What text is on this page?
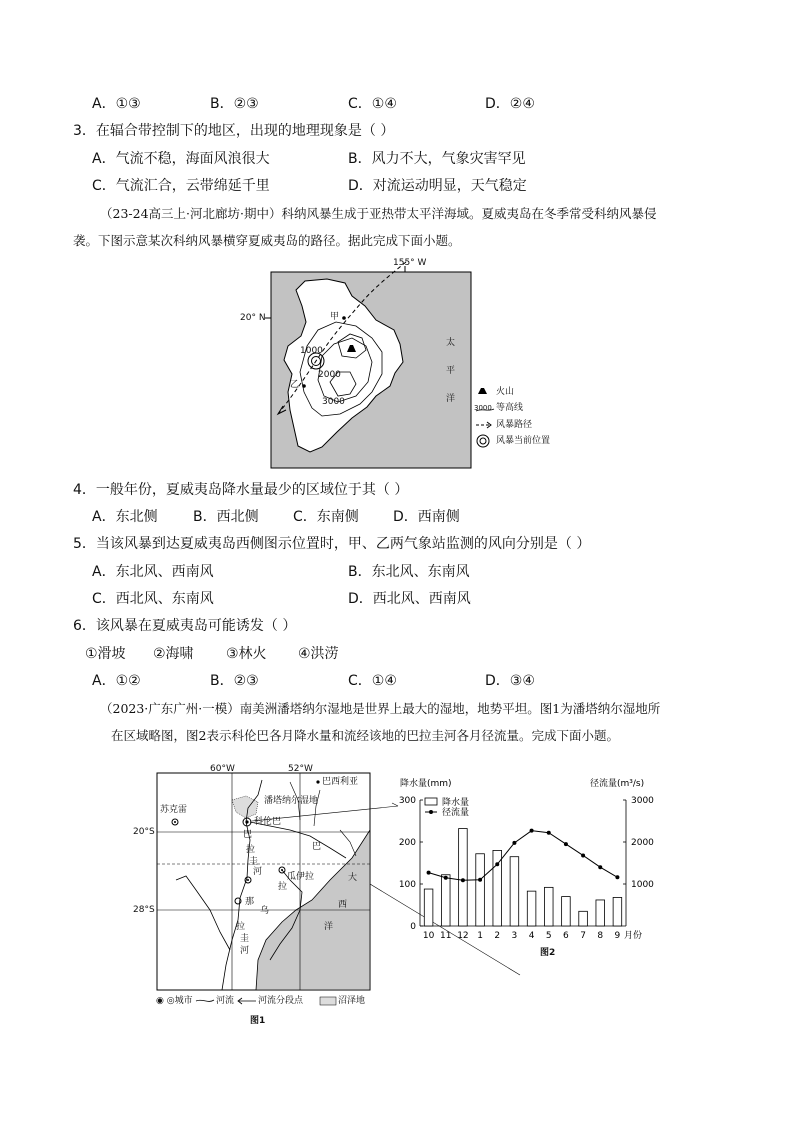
A．①③	B．②③	C．①④	D．②④
3．在辐合带控制下的地区，出现的地理现象是（ ）
A．气流不稳，海面风浪很大	B．风力不大，气象灾害罕见
C．气流汇合，云带绵延千里	D．对流运动明显，天气稳定
（23-24高三上·河北廊坊·期中）科纳风暴生成于亚热带太平洋海域。夏威夷岛在冬季常受科纳风暴侵
袭。下图示意某次科纳风暴横穿夏威夷岛的路径。据此完成下面小题。
155° W
20° N	甲
乙
1000
2000
3000
太
平
洋
火山
3000 等高线
风暴路径
风暴当前位置
4．一般年份，夏威夷岛降水量最少的区域位于其（ ）
A．东北侧	B．西北侧 C．东南侧 D．西南侧
5．当该风暴到达夏威夷岛西侧图示位置时，甲、乙两气象站监测的风向分别是（ ）
A．东北风、西南风	B．东北风、东南风
C．西北风、东南风	D．西北风、西南风
6．该风暴在夏威夷岛可能诱发（ ）
①滑坡 ②海啸 ③林火 ④洪涝
A．①②	B．②③	C．①④	D．③④
（2023·广东广州·一模）南美洲潘塔纳尔湿地是世界上最大的湿地，地势平坦。图1为潘塔纳尔湿地所
在区域略图，图2表示科伦巴各月降水量和流经该地的巴拉圭河各月径流量。完成下面小题。
60°W	52°W
20°S
28°S
巴西利亚
潘塔纳尔湿地
科伦巴
苏克雷
瓜伊拉
巴
拉
圭
河
巴
拉
那
乌
拉
圭
河
大
西
洋
◉ ◎城市	河流	河流分段点	沼泽地
图1
降水量(mm)	径流量(m³/s)
0
100
200
300
1000
2000
3000
10 11 12 1 2 3 4 5 6 7 8 9 月份
降水量
径流量
图2
